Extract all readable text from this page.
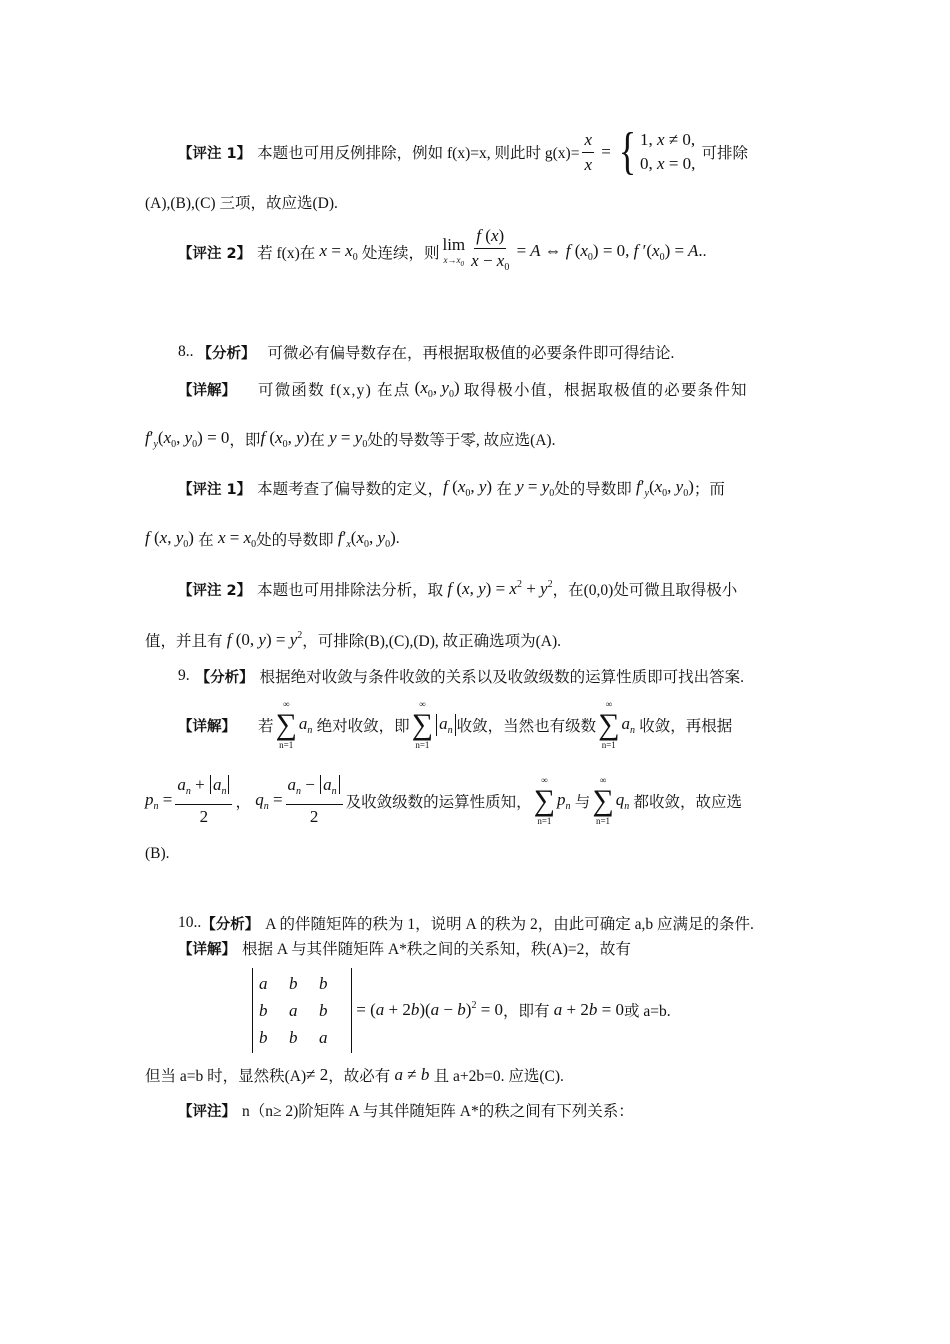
【评注 1】 本题也可用反例排除，例如 f(x)=x, 则此时 $g(x)= \frac{x}{x}$ = { 1, x ≠ 0,
0, x = 0,
可排除
(A),(B),(C) 三项，故应选(D).
【评注 2】 若 f(x)在 $x = x_0$ 处连续，则 lim
$x\to x_0 \frac{f (x)}{x - x_0} = A$ ⇔ f $(x_0) = 0$, f $'(x_0) = A$. .
8.. 【分析】 可微必有偏导数存在，再根据取极值的必要条件即可得结论.
【详解】 可微函数 f(x,y) 在点 ($x_0$, $y_0$) 取得极小值，根据取极值的必要条件知
$f'_y(x_0$, $y_0) = 0$ ，即 f ($x_0$, y) 在 $y = y_0$ 处的导数等于零, 故应选(A).
【评注 1】 本题考查了偏导数的定义， f ($x_0$, y) 在 $y = y_0$ 处的导数即 $f'_y(x_0$, $y_0$) ；而
f (x, $y_0$) 在 $x = x_0$ 处的导数即 $f'_x(x_0$, $y_0$) .
【评注 2】 本题也可用排除法分析，取 f (x, $y) = x^2 + y^2$ ，在(0,0)处可微且取得极小
值，并且有 f (0, $y) = y^2$ ，可排除(B),(C),(D), 故正确选项为(A).
9. 【分析】 根据绝对收敛与条件收敛的关系以及收敛级数的运算性质即可找出答案.
【详解】 若
∞
∑
n=1
$a_n$ 绝对收敛，即
∞
∑
n=1
$a_n$ 收敛，当然也有级数
∞
∑
n=1
$a_n$ 收敛，再根据
$p_n = \frac{a_n + a_n}{2}$ ， $q_n = \frac{a_n - a_n}{2}$ 及收敛级数的运算性质知，
∞
∑
n=1
$p_n$ 与
∞
∑
n=1
$q_n$ 都收敛，故应选
(B).
10.. 【分析】 A 的伴随矩阵的秩为 1，说明 A 的秩为 2，由此可确定 a,b 应满足的条件.
【详解】 根据 A 与其伴随矩阵 A*秩之间的关系知，秩(A)=2，故有
a	b	b
b	a	b
b	b	a
= $(a + 2b)(a - b)^2 = 0$ ，即有 a + 2b = 0 或 a=b.
但当 a=b 时，显然秩(A) ≠ 2 ，故必有 a ≠ b 且 a+2b=0. 应选(C).
【评注】 n（n≥ 2)阶矩阵 A 与其伴随矩阵 A*的秩之间有下列关系：
